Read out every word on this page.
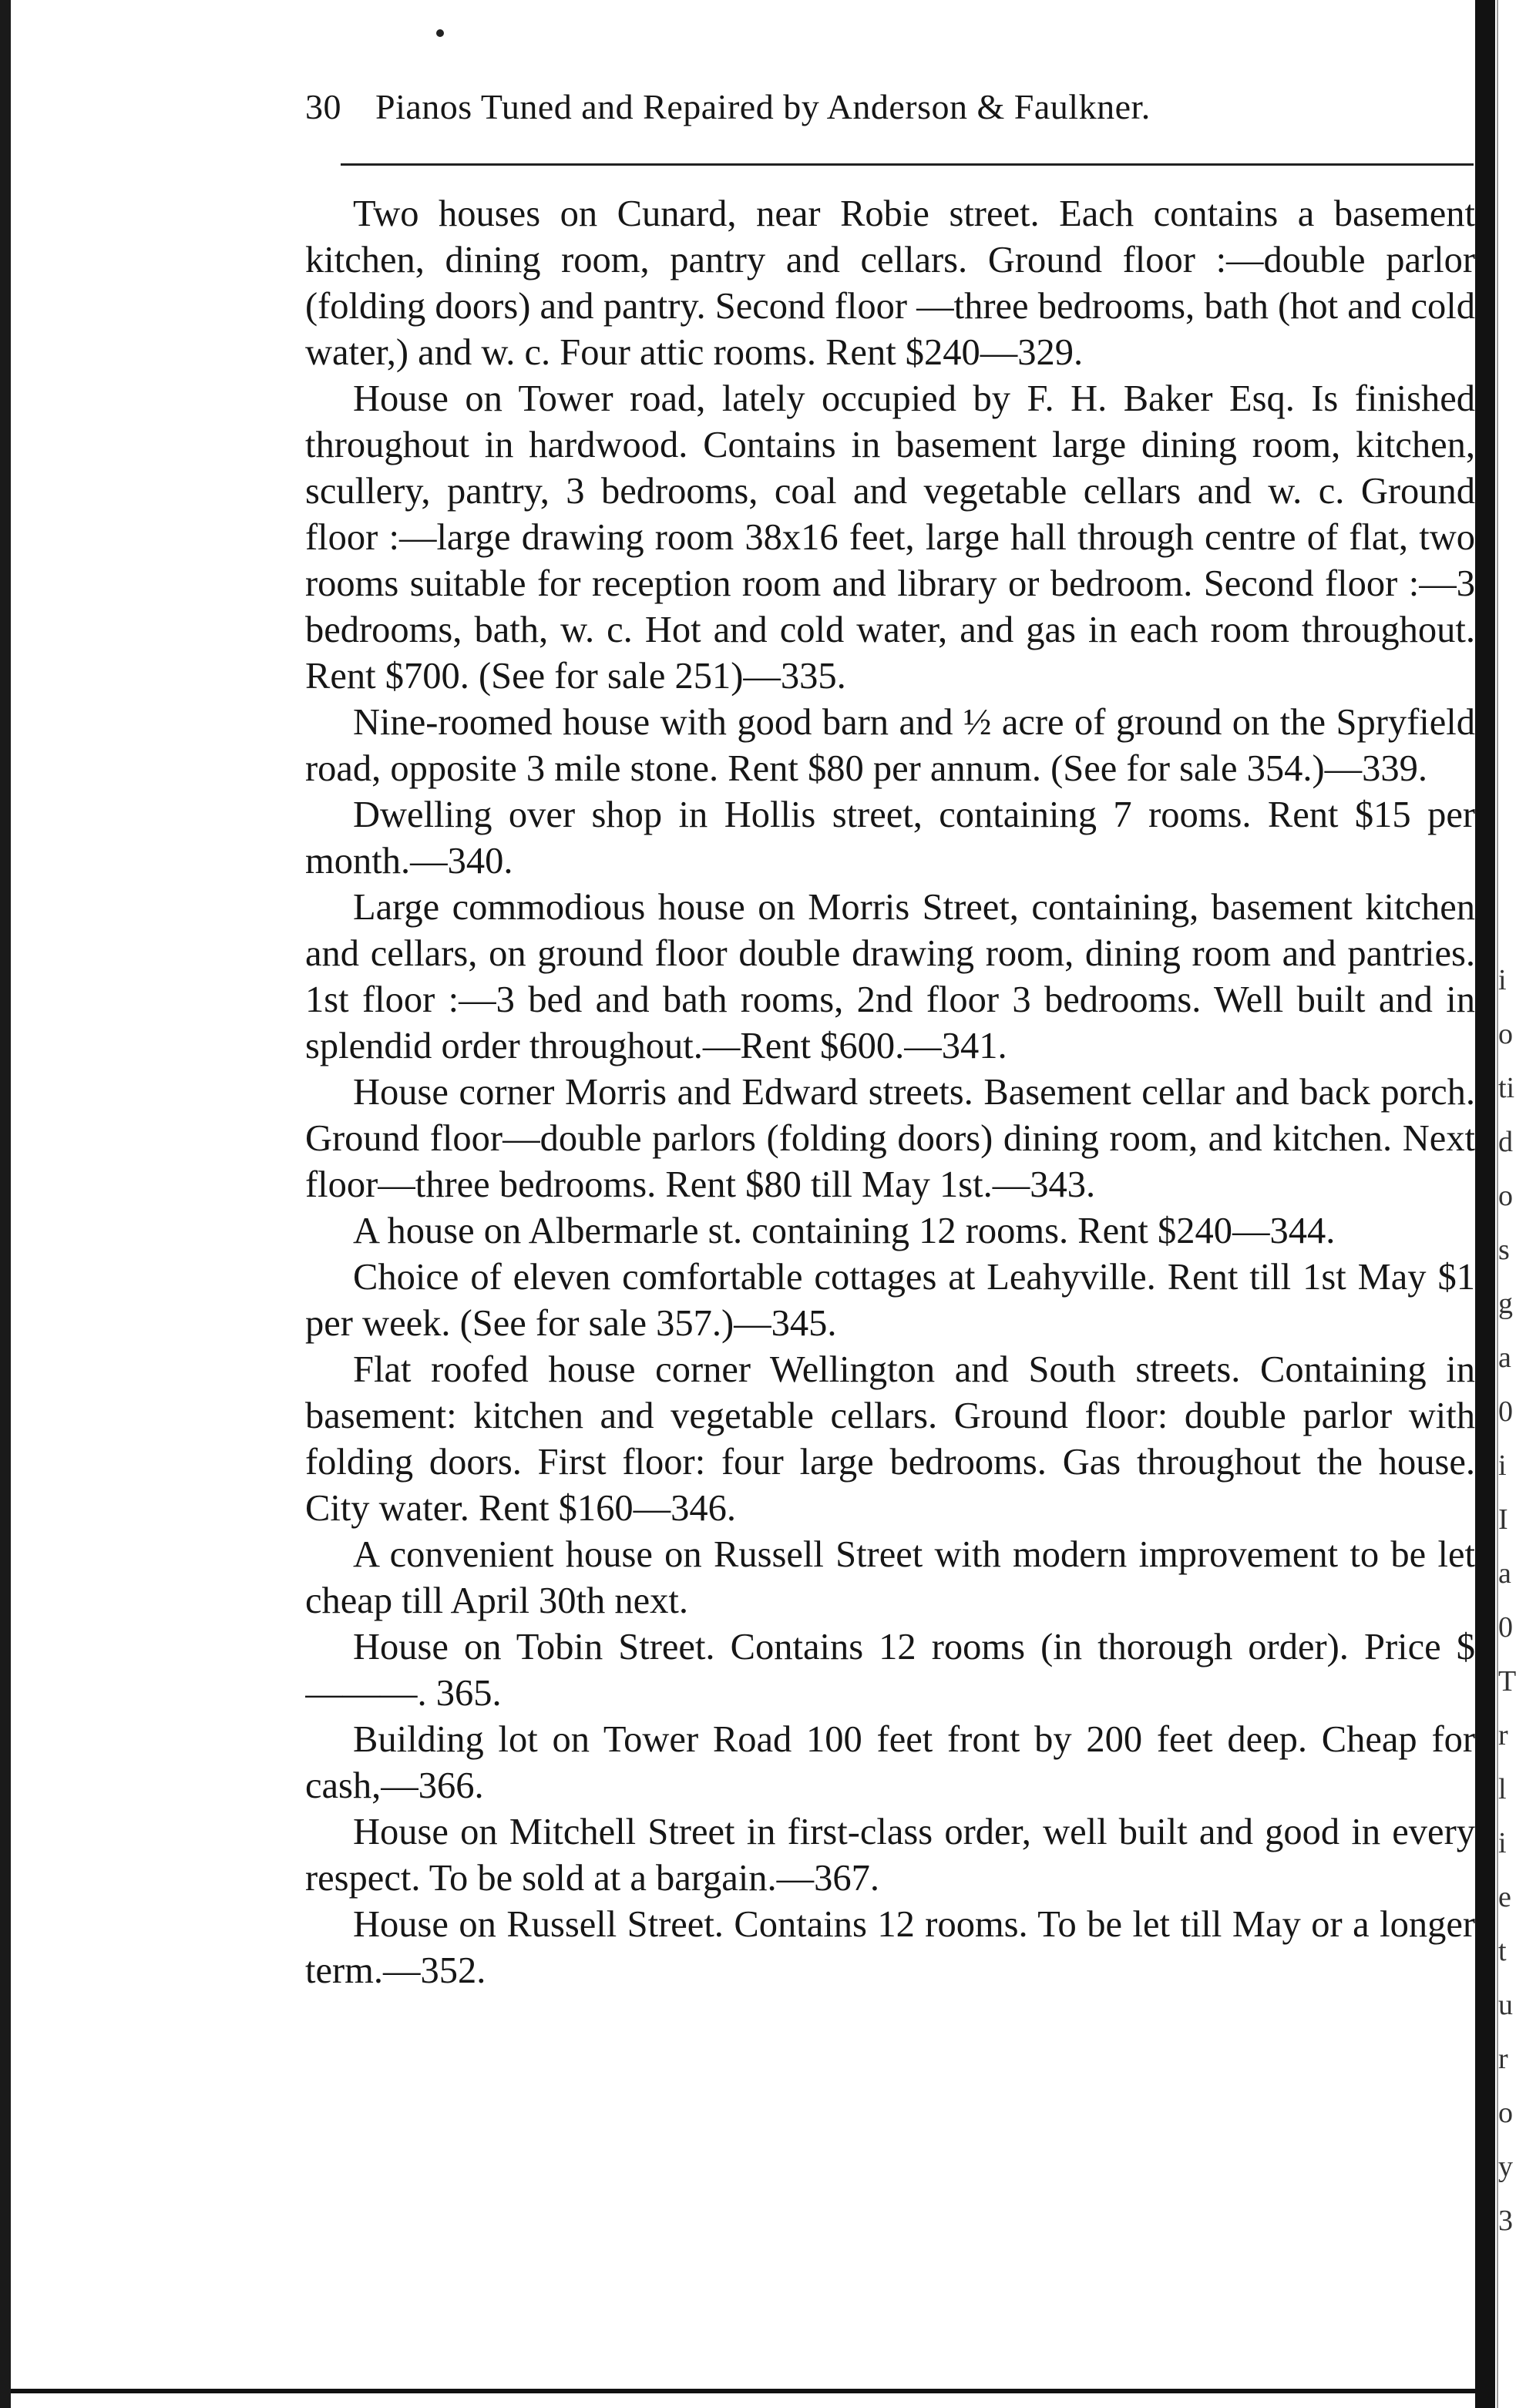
30 Pianos Tuned and Repaired by Anderson & Faulkner.

Two houses on Cunard, near Robie street. Each contains a basement kitchen, dining room, pantry and cellars. Ground floor :—double parlor (folding doors) and pantry. Second floor —three bedrooms, bath (hot and cold water,) and w. c. Four attic rooms. Rent $240—329.

House on Tower road, lately occupied by F. H. Baker Esq. Is finished throughout in hardwood. Contains in basement large dining room, kitchen, scullery, pantry, 3 bedrooms, coal and vegetable cellars and w. c. Ground floor :—large drawing room 38x16 feet, large hall through centre of flat, two rooms suitable for reception room and library or bedroom. Second floor :—3 bedrooms, bath, w. c. Hot and cold water, and gas in each room throughout. Rent $700. (See for sale 251)—335.

Nine-roomed house with good barn and ½ acre of ground on the Spryfield road, opposite 3 mile stone. Rent $80 per annum. (See for sale 354.)—339.

Dwelling over shop in Hollis street, containing 7 rooms. Rent $15 per month.—340.

Large commodious house on Morris Street, containing, basement kitchen and cellars, on ground floor double drawing room, dining room and pantries. 1st floor :—3 bed and bath rooms, 2nd floor 3 bedrooms. Well built and in splendid order throughout.—Rent $600.—341.

House corner Morris and Edward streets. Basement cellar and back porch. Ground floor—double parlors (folding doors) dining room, and kitchen. Next floor—three bedrooms. Rent $80 till May 1st.—343.

A house on Albermarle st. containing 12 rooms. Rent $240—344.

Choice of eleven comfortable cottages at Leahyville. Rent till 1st May $1 per week. (See for sale 357.)—345.

Flat roofed house corner Wellington and South streets. Containing in basement: kitchen and vegetable cellars. Ground floor: double parlor with folding doors. First floor: four large bedrooms. Gas throughout the house. City water. Rent $160—346.

A convenient house on Russell Street with modern improvement to be let cheap till April 30th next.

House on Tobin Street. Contains 12 rooms (in thorough order). Price $———. 365.

Building lot on Tower Road 100 feet front by 200 feet deep. Cheap for cash,—366.

House on Mitchell Street in first-class order, well built and good in every respect. To be sold at a bargain.—367.

House on Russell Street. Contains 12 rooms. To be let till May or a longer term.—352.

i
o
ti
d
o
s
g
a
0
i
I
a
0
T
r
l
i
e
t
u
r
o
y
3
